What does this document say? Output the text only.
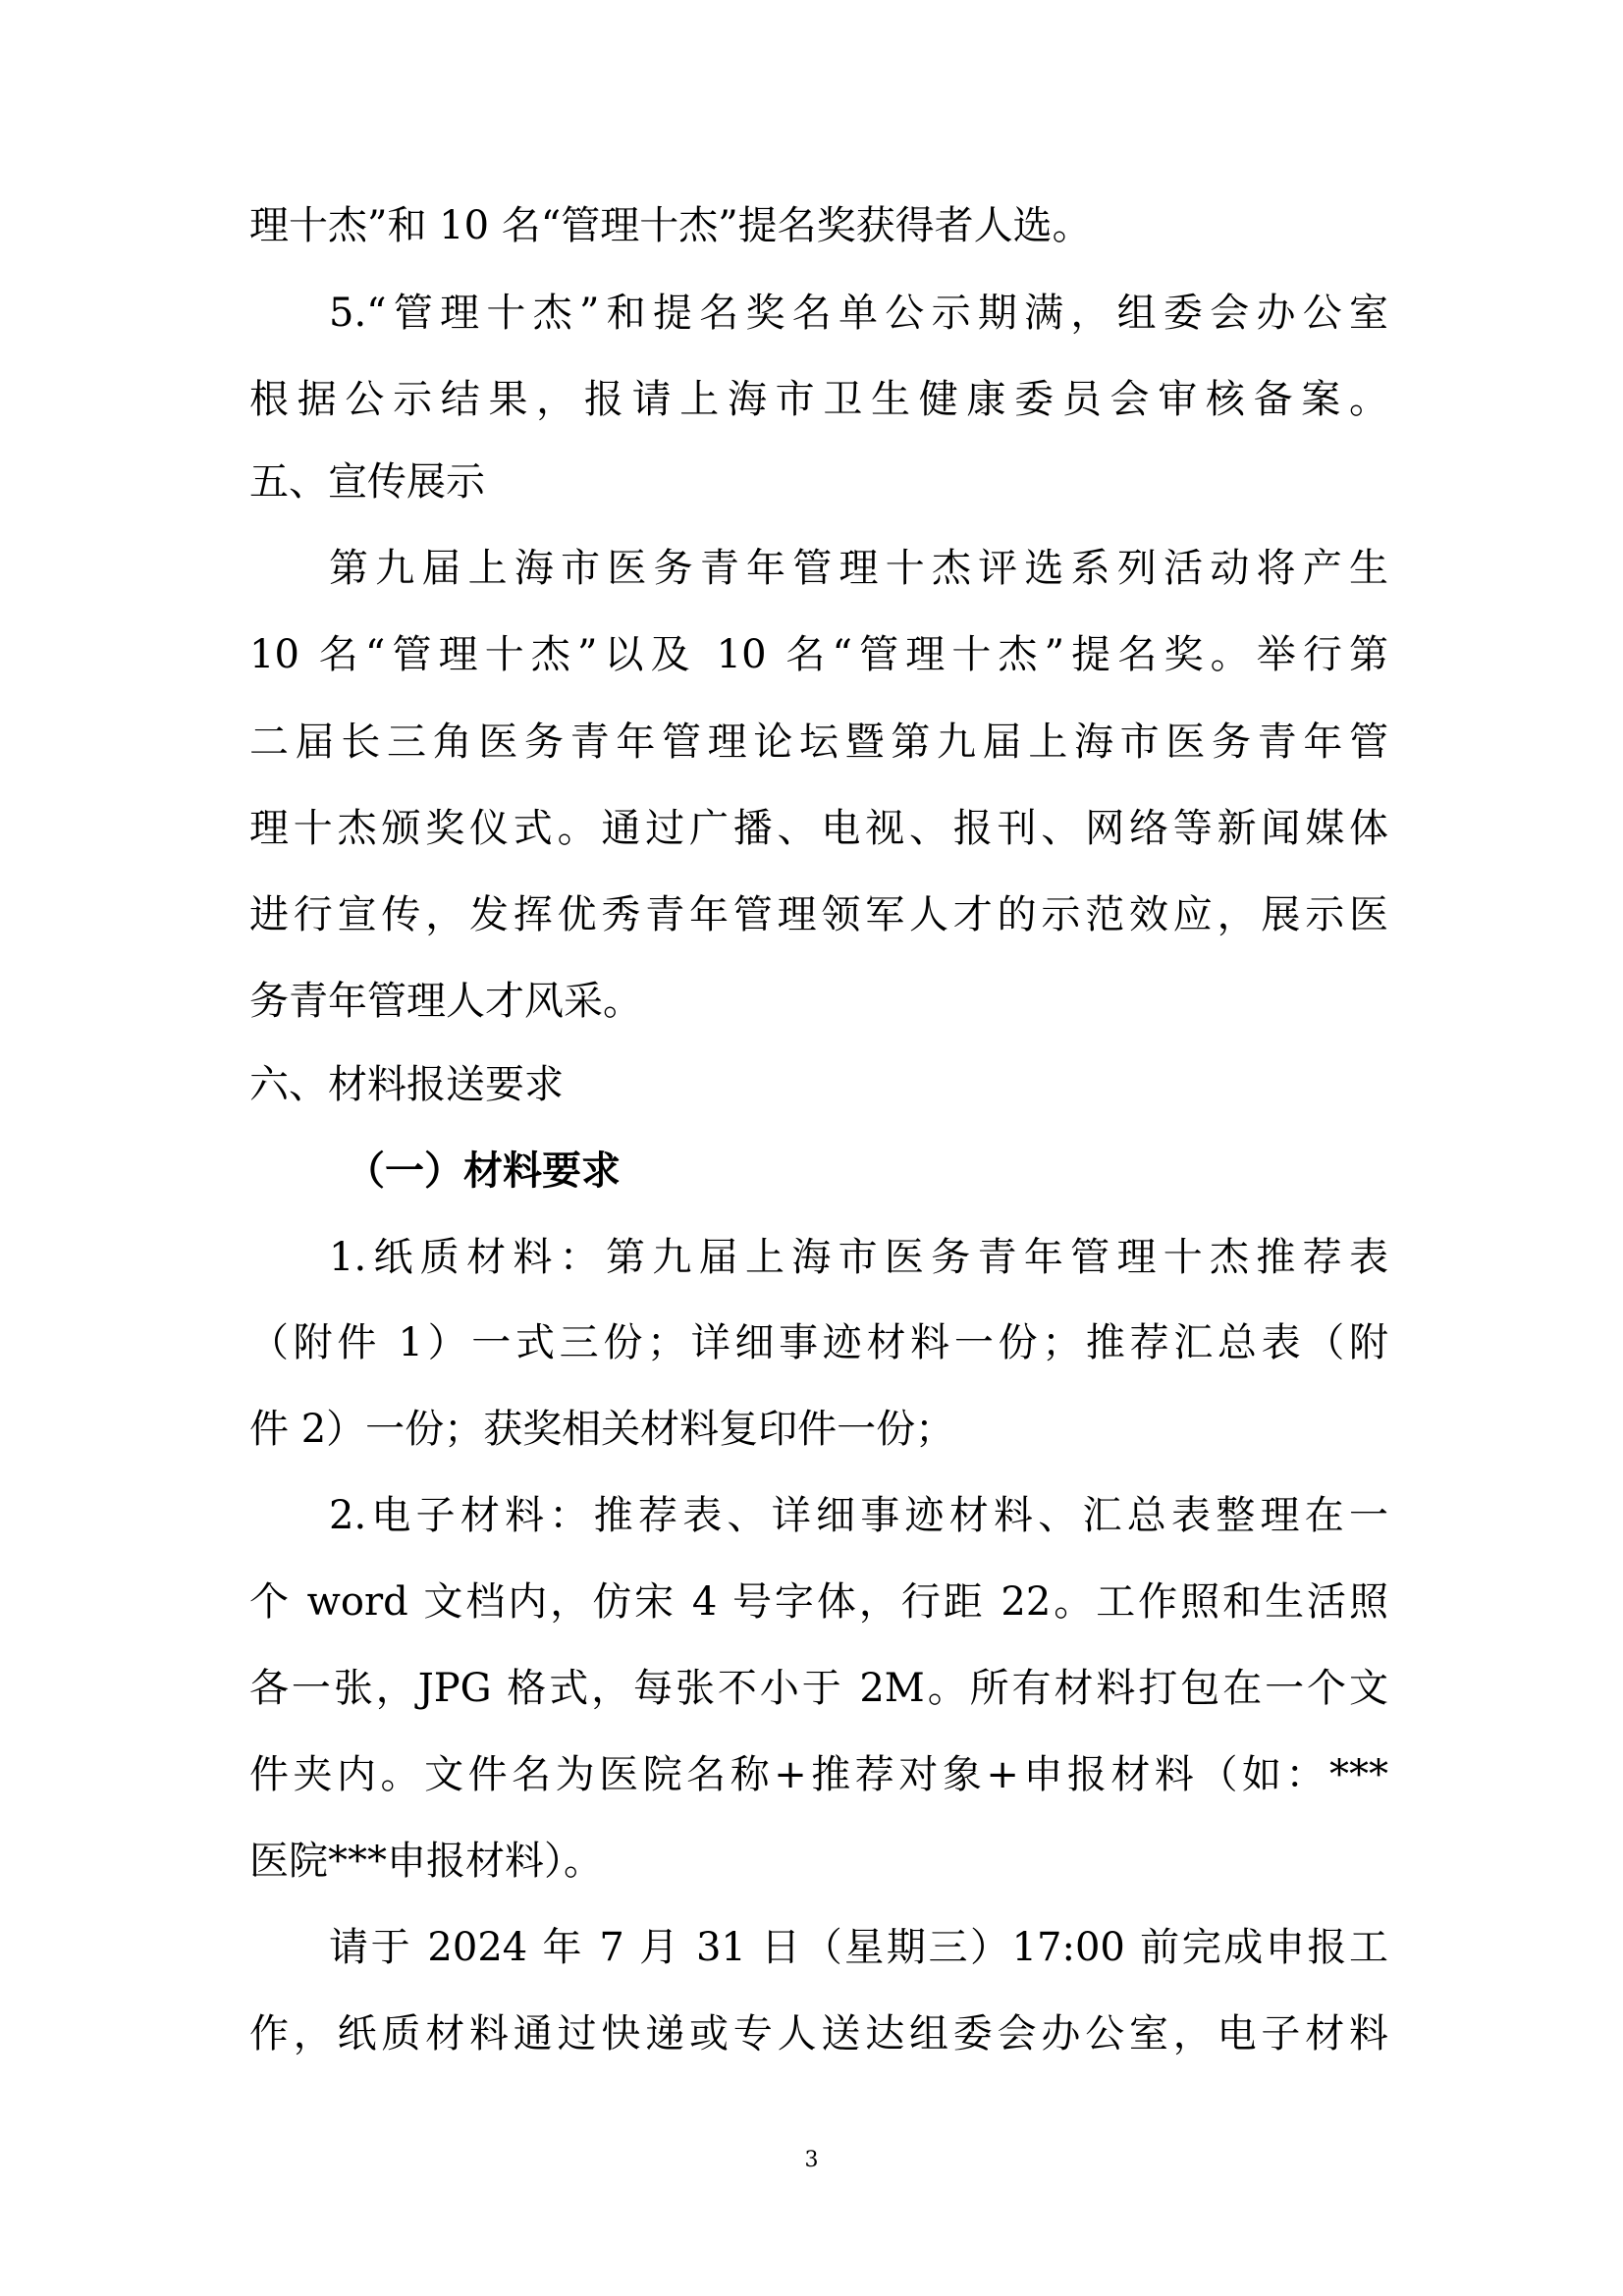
理十杰”和 10 名“管理十杰”提名奖获得者人选。
5.“管理十杰”和提名奖名单公示期满，组委会办公室
根据公示结果，报请上海市卫生健康委员会审核备案。
五、宣传展示
第九届上海市医务青年管理十杰评选系列活动将产生
10 名“管理十杰”以及 10 名“管理十杰”提名奖。举行第
二届长三角医务青年管理论坛暨第九届上海市医务青年管
理十杰颁奖仪式。通过广播、电视、报刊、网络等新闻媒体
进行宣传，发挥优秀青年管理领军人才的示范效应，展示医
务青年管理人才风采。
六、材料报送要求
（一）材料要求
1.纸质材料：第九届上海市医务青年管理十杰推荐表
（附件 1）一式三份；详细事迹材料一份；推荐汇总表（附
件 2）一份；获奖相关材料复印件一份；
2.电子材料：推荐表、详细事迹材料、汇总表整理在一
个 word 文档内，仿宋 4 号字体，行距 22。工作照和生活照
各一张，JPG 格式，每张不小于 2M。所有材料打包在一个文
件夹内。文件名为医院名称+推荐对象+申报材料（如：***
医院***申报材料）。
请于 2024 年 7 月 31 日（星期三）17:00 前完成申报工
作，纸质材料通过快递或专人送达组委会办公室，电子材料
3
